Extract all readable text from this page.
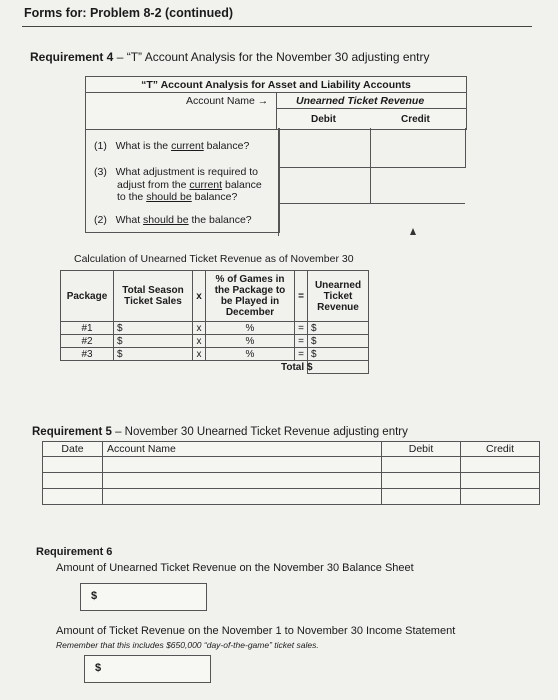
Forms for: Problem 8-2 (continued)
Requirement 4 – “T” Account Analysis for the November 30 adjusting entry
“T” Account Analysis for Asset and Liability Accounts
Account Name →	Unearned Ticket Revenue
Debit	Credit
(1) What is the current balance?
(3) What adjustment is required to
adjust from the current balance
to the should be balance?
(2) What should be the balance?
Calculation of Unearned Ticket Revenue as of November 30
Package	Total Season Ticket Sales	x	% of Games in the Package to be Played in December	=	Unearned Ticket Revenue
#1	$	x	%	=	$
#2	$	x	%	=	$
#3	$	x	%	=	$
					Total $
Requirement 5 – November 30 Unearned Ticket Revenue adjusting entry
Date	Account Name	Debit	Credit

Requirement 6
Amount of Unearned Ticket Revenue on the November 30 Balance Sheet
$
Amount of Ticket Revenue on the November 1 to November 30 Income Statement
Remember that this includes $650,000 “day-of-the-game” ticket sales.
$
